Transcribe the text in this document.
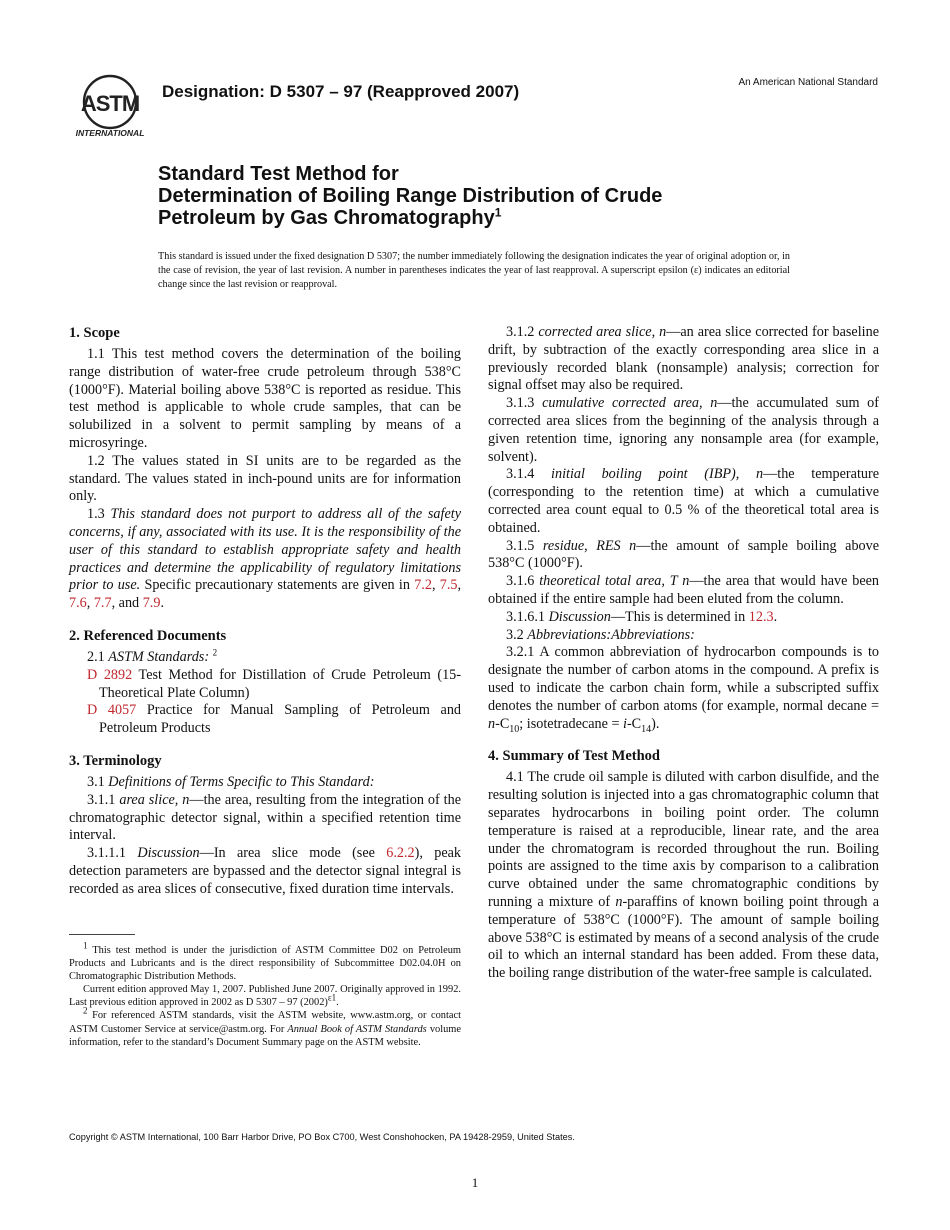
ASTM
INTERNATIONAL
Designation: D 5307 – 97 (Reapproved 2007)	An American National Standard
Standard Test Method for
Determination of Boiling Range Distribution of Crude
Petroleum by Gas Chromatography$^1$
This standard is issued under the fixed designation D 5307; the number immediately following the designation indicates the year of original adoption or, in the case of revision, the year of last revision. A number in parentheses indicates the year of last reapproval. A superscript epsilon (ε) indicates an editorial change since the last revision or reapproval.
1. Scope

1.1 This test method covers the determination of the boiling range distribution of water-free crude petroleum through 538°C (1000°F). Material boiling above 538°C is reported as residue. This test method is applicable to whole crude samples, that can be solubilized in a solvent to permit sampling by means of a microsyringe.

1.2 The values stated in SI units are to be regarded as the standard. The values stated in inch-pound units are for information only.

1.3 This standard does not purport to address all of the safety concerns, if any, associated with its use. It is the responsibility of the user of this standard to establish appropriate safety and health practices and determine the applicability of regulatory limitations prior to use. Specific precautionary statements are given in 7.2, 7.5, 7.6, 7.7, and 7.9.

2. Referenced Documents

2.1 ASTM Standards: $^2$

D 2892 Test Method for Distillation of Crude Petroleum (15-Theoretical Plate Column)

D 4057 Practice for Manual Sampling of Petroleum and Petroleum Products

3. Terminology

3.1 Definitions of Terms Specific to This Standard:

3.1.1 area slice, n—the area, resulting from the integration of the chromatographic detector signal, within a specified retention time interval.

3.1.1.1 Discussion—In area slice mode (see 6.2.2), peak detection parameters are bypassed and the detector signal integral is recorded as area slices of consecutive, fixed duration time intervals.

$^1$ This test method is under the jurisdiction of ASTM Committee D02 on Petroleum Products and Lubricants and is the direct responsibility of Subcommittee D02.04.0H on Chromatographic Distribution Methods.

Current edition approved May 1, 2007. Published June 2007. Originally approved in 1992. Last previous edition approved in 2002 as D 5307 – 97 $(2002)^{\varepsilon 1}$.

$^2$ For referenced ASTM standards, visit the ASTM website, www.astm.org, or contact ASTM Customer Service at service@astm.org. For Annual Book of ASTM Standards volume information, refer to the standard’s Document Summary page on the ASTM website.

3.1.2 corrected area slice, n—an area slice corrected for baseline drift, by subtraction of the exactly corresponding area slice in a previously recorded blank (nonsample) analysis; correction for signal offset may also be required.

3.1.3 cumulative corrected area, n—the accumulated sum of corrected area slices from the beginning of the analysis through a given retention time, ignoring any nonsample area (for example, solvent).

3.1.4 initial boiling point (IBP), n—the temperature (corresponding to the retention time) at which a cumulative corrected area count equal to 0.5 % of the theoretical total area is obtained.

3.1.5 residue, RES n—the amount of sample boiling above 538°C (1000°F).

3.1.6 theoretical total area, T n—the area that would have been obtained if the entire sample had been eluted from the column.

3.1.6.1 Discussion—This is determined in 12.3.

3.2 Abbreviations:Abbreviations:

3.2.1 A common abbreviation of hydrocarbon compounds is to designate the number of carbon atoms in the compound. A prefix is used to indicate the carbon chain form, while a subscripted suffix denotes the number of carbon atoms (for example, normal decane = $n-C_{10}$; isotetradecane = $i-C_{14}$).

4. Summary of Test Method

4.1 The crude oil sample is diluted with carbon disulfide, and the resulting solution is injected into a gas chromatographic column that separates hydrocarbons in boiling point order. The column temperature is raised at a reproducible, linear rate, and the area under the chromatogram is recorded throughout the run. Boiling points are assigned to the time axis by comparison to a calibration curve obtained under the same chromatographic conditions by running a mixture of n-paraffins of known boiling point through a temperature of 538°C (1000°F). The amount of sample boiling above 538°C is estimated by means of a second analysis of the crude oil to which an internal standard has been added. From these data, the boiling range distribution of the water-free sample is calculated.

Copyright © ASTM International, 100 Barr Harbor Drive, PO Box C700, West Conshohocken, PA 19428-2959, United States.
1
